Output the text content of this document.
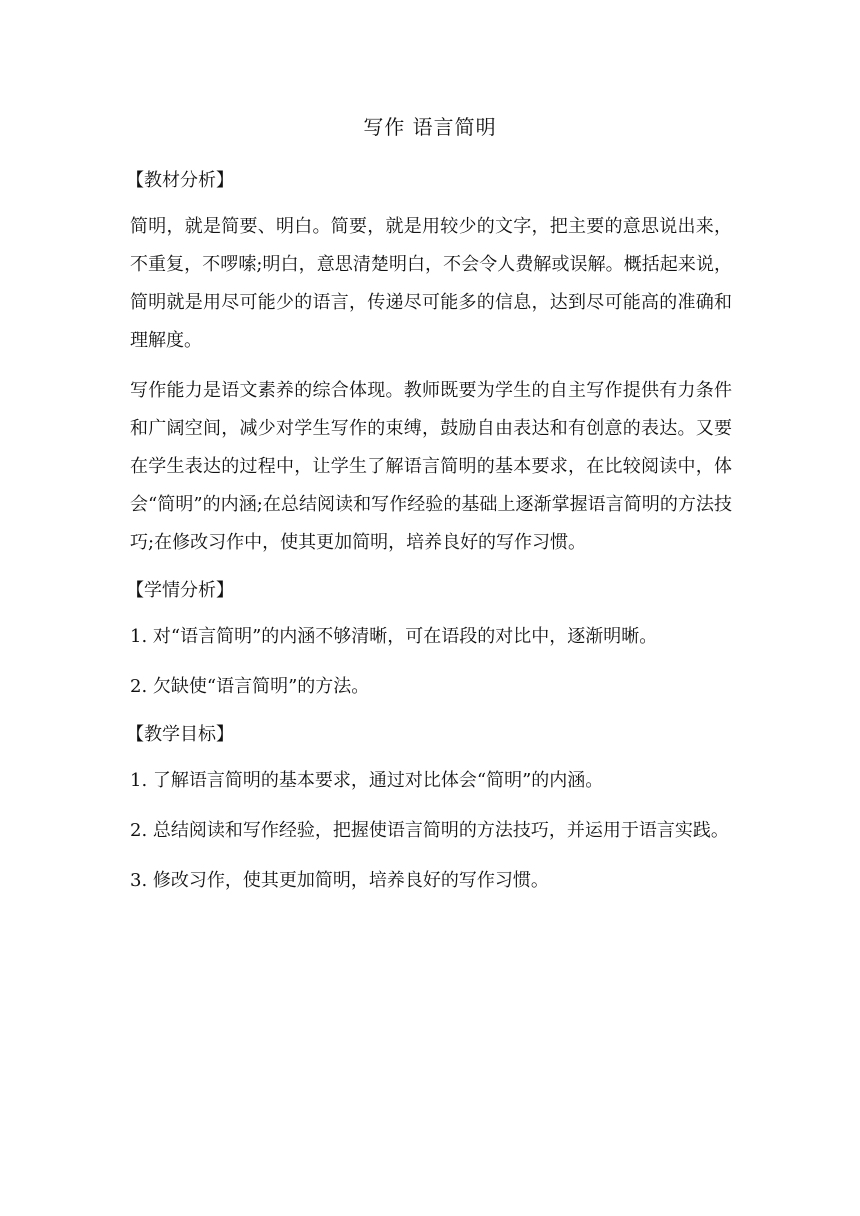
写作 语言简明
【教材分析】

简明，就是简要、明白。简要，就是用较少的文字，把主要的意思说出来，不重复，不啰嗦;明白，意思清楚明白，不会令人费解或误解。概括起来说，简明就是用尽可能少的语言，传递尽可能多的信息，达到尽可能高的准确和理解度。

写作能力是语文素养的综合体现。教师既要为学生的自主写作提供有力条件和广阔空间，减少对学生写作的束缚，鼓励自由表达和有创意的表达。又要在学生表达的过程中，让学生了解语言简明的基本要求，在比较阅读中，体会“简明”的内涵;在总结阅读和写作经验的基础上逐渐掌握语言简明的方法技巧;在修改习作中，使其更加简明，培养良好的写作习惯。

【学情分析】

1. 对“语言简明”的内涵不够清晰，可在语段的对比中，逐渐明晰。

2. 欠缺使“语言简明”的方法。

【教学目标】

1. 了解语言简明的基本要求，通过对比体会“简明”的内涵。

2. 总结阅读和写作经验，把握使语言简明的方法技巧，并运用于语言实践。

3. 修改习作，使其更加简明，培养良好的写作习惯。
